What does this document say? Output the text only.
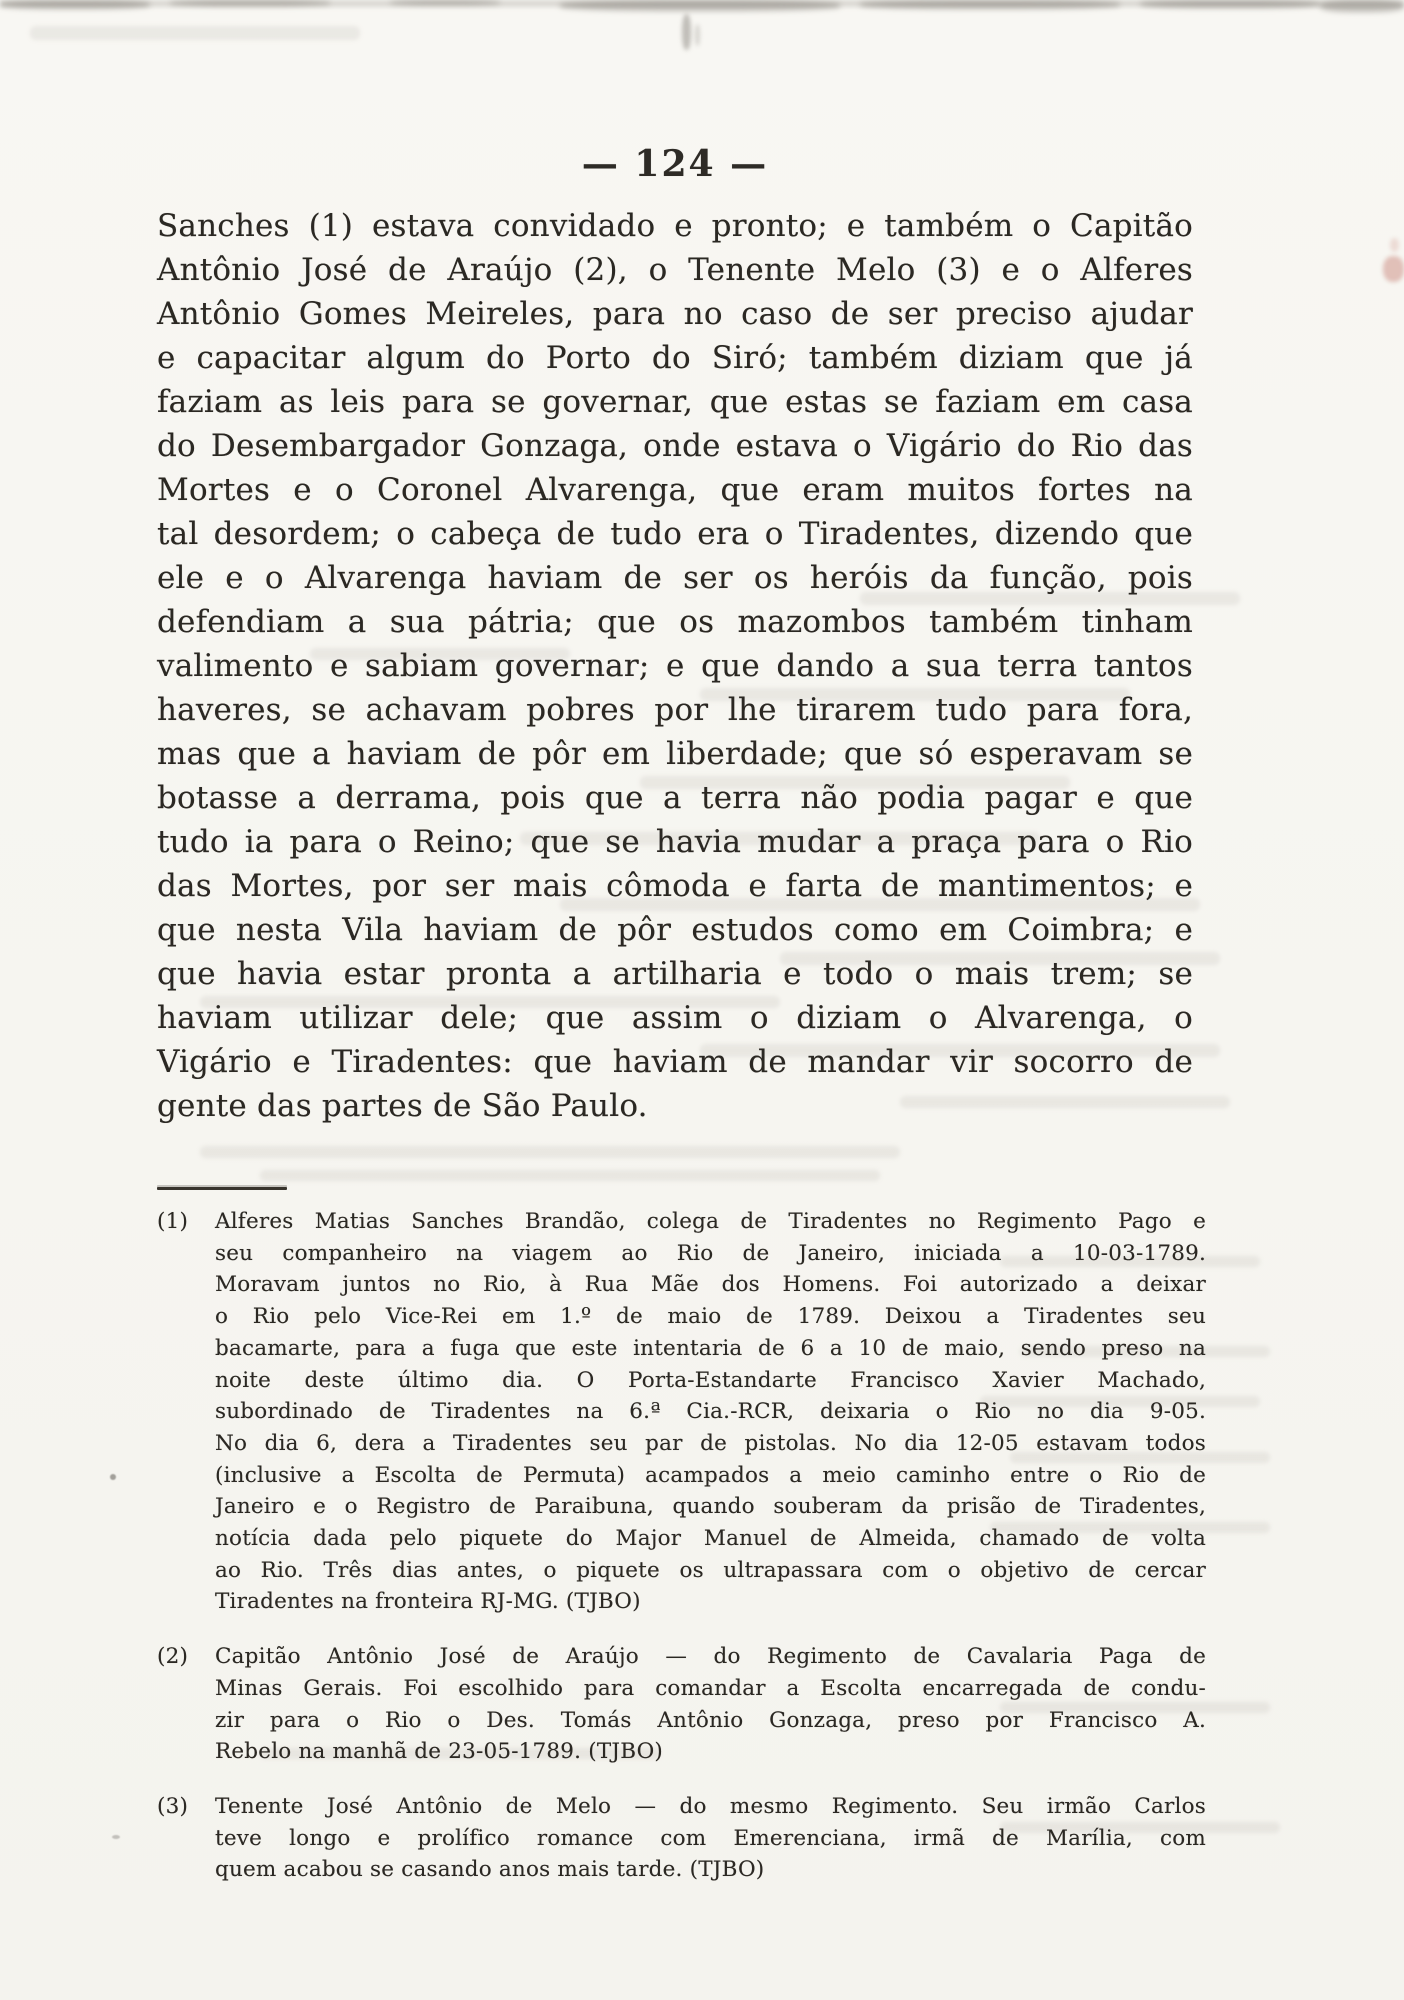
— 124 —
Sanches (1) estava convidado e pronto; e também o Capitão
Antônio José de Araújo (2), o Tenente Melo (3) e o Alferes
Antônio Gomes Meireles, para no caso de ser preciso ajudar
e capacitar algum do Porto do Siró; também diziam que já
faziam as leis para se governar, que estas se faziam em casa
do Desembargador Gonzaga, onde estava o Vigário do Rio das
Mortes e o Coronel Alvarenga, que eram muitos fortes na
tal desordem; o cabeça de tudo era o Tiradentes, dizendo que
ele e o Alvarenga haviam de ser os heróis da função, pois
defendiam a sua pátria; que os mazombos também tinham
valimento e sabiam governar; e que dando a sua terra tantos
haveres, se achavam pobres por lhe tirarem tudo para fora,
mas que a haviam de pôr em liberdade; que só esperavam se
botasse a derrama, pois que a terra não podia pagar e que
tudo ia para o Reino; que se havia mudar a praça para o Rio
das Mortes, por ser mais cômoda e farta de mantimentos; e
que nesta Vila haviam de pôr estudos como em Coimbra; e
que havia estar pronta a artilharia e todo o mais trem; se
haviam utilizar dele; que assim o diziam o Alvarenga, o
Vigário e Tiradentes: que haviam de mandar vir socorro de
gente das partes de São Paulo.
(1) Alferes Matias Sanches Brandão, colega de Tiradentes no Regimento Pago e
seu companheiro na viagem ao Rio de Janeiro, iniciada a 10-03-1789.
Moravam juntos no Rio, à Rua Mãe dos Homens. Foi autorizado a deixar
o Rio pelo Vice-Rei em 1.º de maio de 1789. Deixou a Tiradentes seu
bacamarte, para a fuga que este intentaria de 6 a 10 de maio, sendo preso na
noite deste último dia. O Porta-Estandarte Francisco Xavier Machado,
subordinado de Tiradentes na 6.ª Cia.-RCR, deixaria o Rio no dia 9-05.
No dia 6, dera a Tiradentes seu par de pistolas. No dia 12-05 estavam todos
(inclusive a Escolta de Permuta) acampados a meio caminho entre o Rio de
Janeiro e o Registro de Paraibuna, quando souberam da prisão de Tiradentes,
notícia dada pelo piquete do Major Manuel de Almeida, chamado de volta
ao Rio. Três dias antes, o piquete os ultrapassara com o objetivo de cercar
Tiradentes na fronteira RJ-MG. (TJBO)
(2) Capitão Antônio José de Araújo — do Regimento de Cavalaria Paga de
Minas Gerais. Foi escolhido para comandar a Escolta encarregada de condu-
zir para o Rio o Des. Tomás Antônio Gonzaga, preso por Francisco A.
Rebelo na manhã de 23-05-1789. (TJBO)
(3) Tenente José Antônio de Melo — do mesmo Regimento. Seu irmão Carlos
teve longo e prolífico romance com Emerenciana, irmã de Marília, com
quem acabou se casando anos mais tarde. (TJBO)
